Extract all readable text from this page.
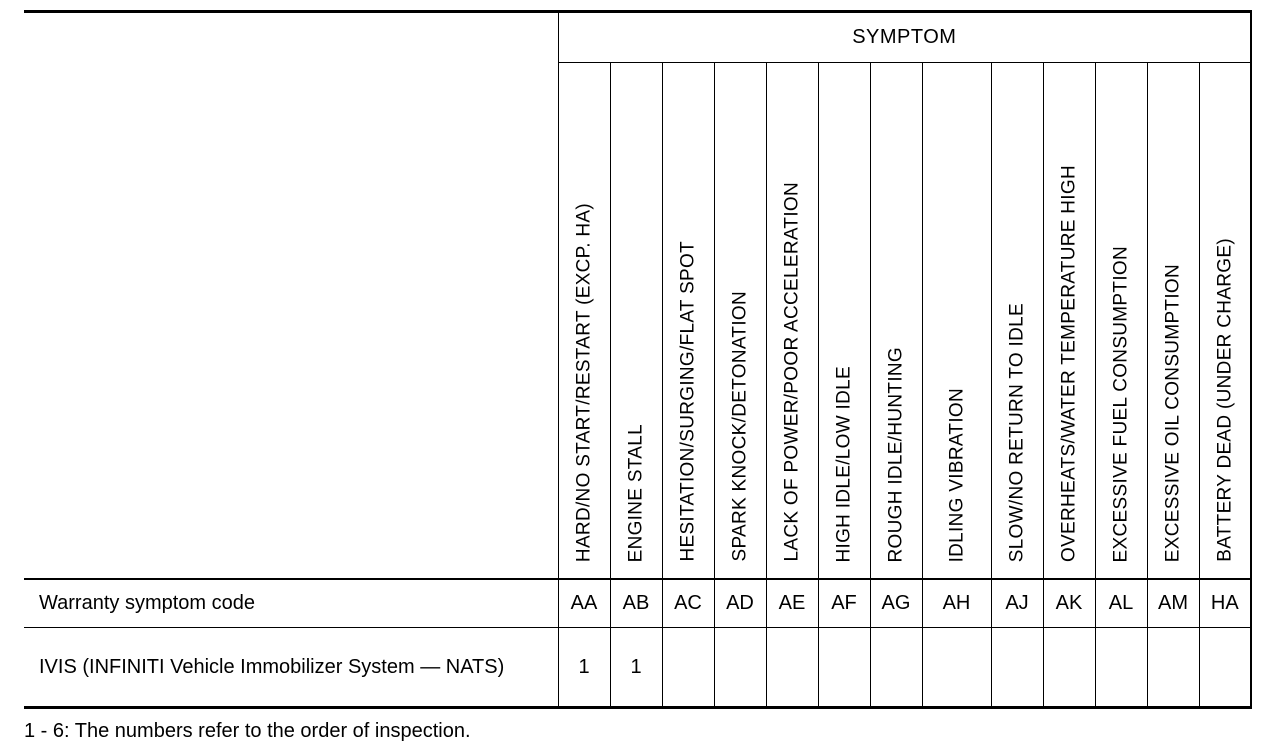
	SYMPTOM												

	HARD/NO START/RESTART (EXCP. HA)	ENGINE STALL	HESITATION/SURGING/FLAT SPOT	SPARK KNOCK/DETONATION	LACK OF POWER/POOR ACCELERATION	HIGH IDLE/LOW IDLE	ROUGH IDLE/HUNTING	IDLING VIBRATION	SLOW/NO RETURN TO IDLE	OVERHEATS/WATER TEMPERATURE HIGH	EXCESSIVE FUEL CONSUMPTION	EXCESSIVE OIL CONSUMPTION	BATTERY DEAD (UNDER CHARGE)

Warranty symptom code	AA	AB	AC	AD	AE	AF	AG	AH	AJ	AK	AL	AM	HA
IVIS (INFINITI Vehicle Immobilizer System — NATS)	1	1											
1 - 6: The numbers refer to the order of inspection.
